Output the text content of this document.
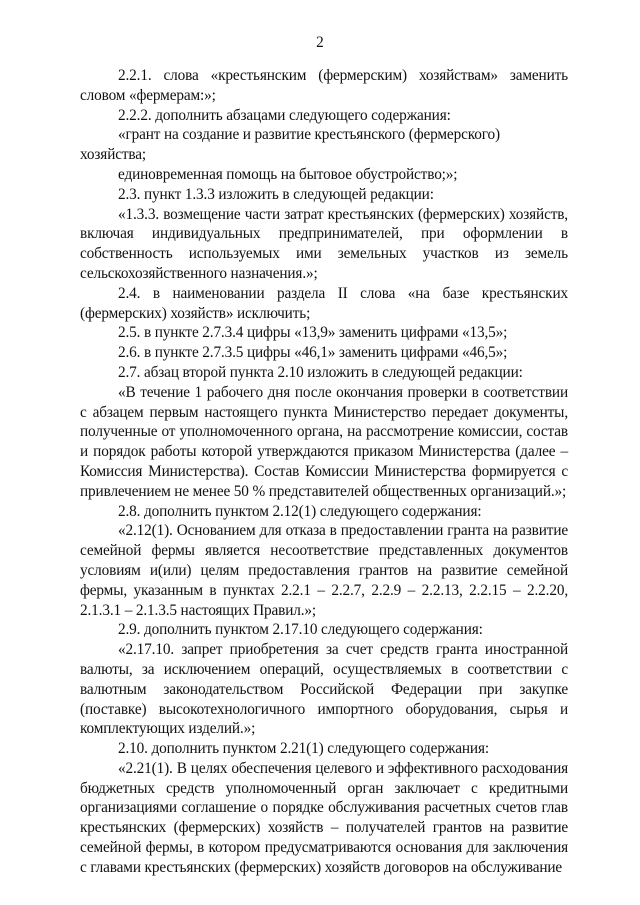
2

2.2.1. слова «крестьянским (фермерским) хозяйствам» заменить словом «фермерам:»;

2.2.2. дополнить абзацами следующего содержания:

«грант на создание и развитие крестьянского (фермерского) хозяйства;

единовременная помощь на бытовое обустройство;»;

2.3. пункт 1.3.3 изложить в следующей редакции:

«1.3.3. возмещение части затрат крестьянских (фермерских) хозяйств, включая индивидуальных предпринимателей, при оформлении в собственность используемых ими земельных участков из земель сельскохозяйственного назначения.»;

2.4. в наименовании раздела II слова «на базе крестьянских (фермерских) хозяйств» исключить;

2.5. в пункте 2.7.3.4 цифры «13,9» заменить цифрами «13,5»;

2.6. в пункте 2.7.3.5 цифры «46,1» заменить цифрами «46,5»;

2.7. абзац второй пункта 2.10 изложить в следующей редакции:

«В течение 1 рабочего дня после окончания проверки в соответствии с абзацем первым настоящего пункта Министерство передает документы, полученные от уполномоченного органа, на рассмотрение комиссии, состав и порядок работы которой утверждаются приказом Министерства (далее – Комиссия Министерства). Состав Комиссии Министерства формируется с привлечением не менее 50 % представителей общественных организаций.»;

2.8. дополнить пунктом 2.12(1) следующего содержания:

«2.12(1). Основанием для отказа в предоставлении гранта на развитие семейной фермы является несоответствие представленных документов условиям и(или) целям предоставления грантов на развитие семейной фермы, указанным в пунктах 2.2.1 – 2.2.7, 2.2.9 – 2.2.13, 2.2.15 – 2.2.20, 2.1.3.1 – 2.1.3.5 настоящих Правил.»;

2.9. дополнить пунктом 2.17.10 следующего содержания:

«2.17.10. запрет приобретения за счет средств гранта иностранной валюты, за исключением операций, осуществляемых в соответствии с валютным законодательством Российской Федерации при закупке (поставке) высокотехнологичного импортного оборудования, сырья и комплектующих изделий.»;

2.10. дополнить пунктом 2.21(1) следующего содержания:

«2.21(1). В целях обеспечения целевого и эффективного расходования бюджетных средств уполномоченный орган заключает с кредитными организациями соглашение о порядке обслуживания расчетных счетов глав крестьянских (фермерских) хозяйств – получателей грантов на развитие семейной фермы, в котором предусматриваются основания для заключения с главами крестьянских (фермерских) хозяйств договоров на обслуживание
